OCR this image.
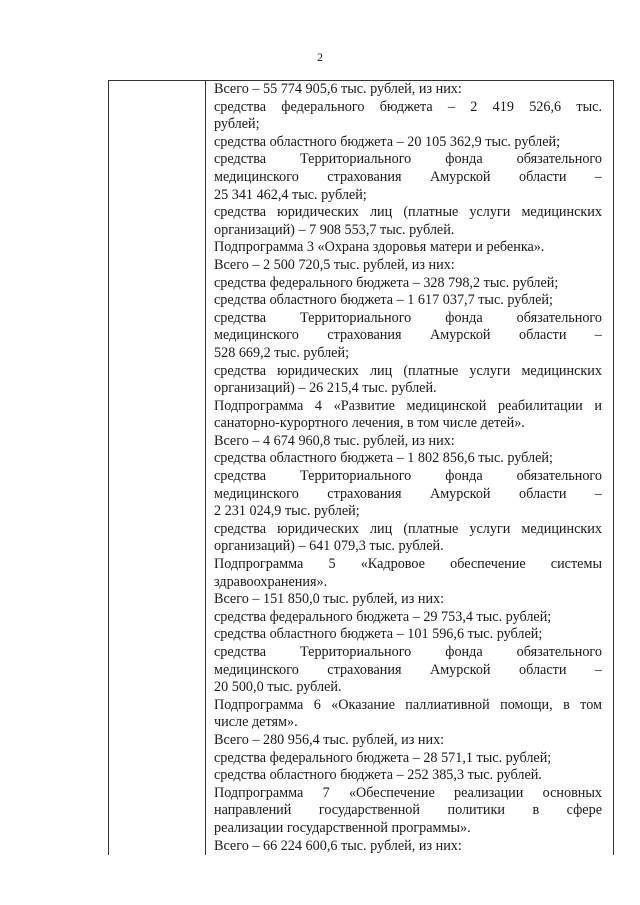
2
Всего – 55 774 905,6 тыс. рублей, из них:
средства федерального бюджета – 2 419 526,6 тыс.
рублей;
средства областного бюджета – 20 105 362,9 тыс. рублей;
средства Территориального фонда обязательного
медицинского страхования Амурской области –
25 341 462,4 тыс. рублей;
средства юридических лиц (платные услуги медицинских
организаций) – 7 908 553,7 тыс. рублей.
Подпрограмма 3 «Охрана здоровья матери и ребенка».
Всего – 2 500 720,5 тыс. рублей, из них:
средства федерального бюджета – 328 798,2 тыс. рублей;
средства областного бюджета – 1 617 037,7 тыс. рублей;
средства Территориального фонда обязательного
медицинского страхования Амурской области –
528 669,2 тыс. рублей;
средства юридических лиц (платные услуги медицинских
организаций) – 26 215,4 тыс. рублей.
Подпрограмма 4 «Развитие медицинской реабилитации и
санаторно-курортного лечения, в том числе детей».
Всего – 4 674 960,8 тыс. рублей, из них:
средства областного бюджета – 1 802 856,6 тыс. рублей;
средства Территориального фонда обязательного
медицинского страхования Амурской области –
2 231 024,9 тыс. рублей;
средства юридических лиц (платные услуги медицинских
организаций) – 641 079,3 тыс. рублей.
Подпрограмма 5 «Кадровое обеспечение системы
здравоохранения».
Всего – 151 850,0 тыс. рублей, из них:
средства федерального бюджета – 29 753,4 тыс. рублей;
средства областного бюджета – 101 596,6 тыс. рублей;
средства Территориального фонда обязательного
медицинского страхования Амурской области –
20 500,0 тыс. рублей.
Подпрограмма 6 «Оказание паллиативной помощи, в том
числе детям».
Всего – 280 956,4 тыс. рублей, из них:
средства федерального бюджета – 28 571,1 тыс. рублей;
средства областного бюджета – 252 385,3 тыс. рублей.
Подпрограмма 7 «Обеспечение реализации основных
направлений государственной политики в сфере
реализации государственной программы».
Всего – 66 224 600,6 тыс. рублей, из них:
